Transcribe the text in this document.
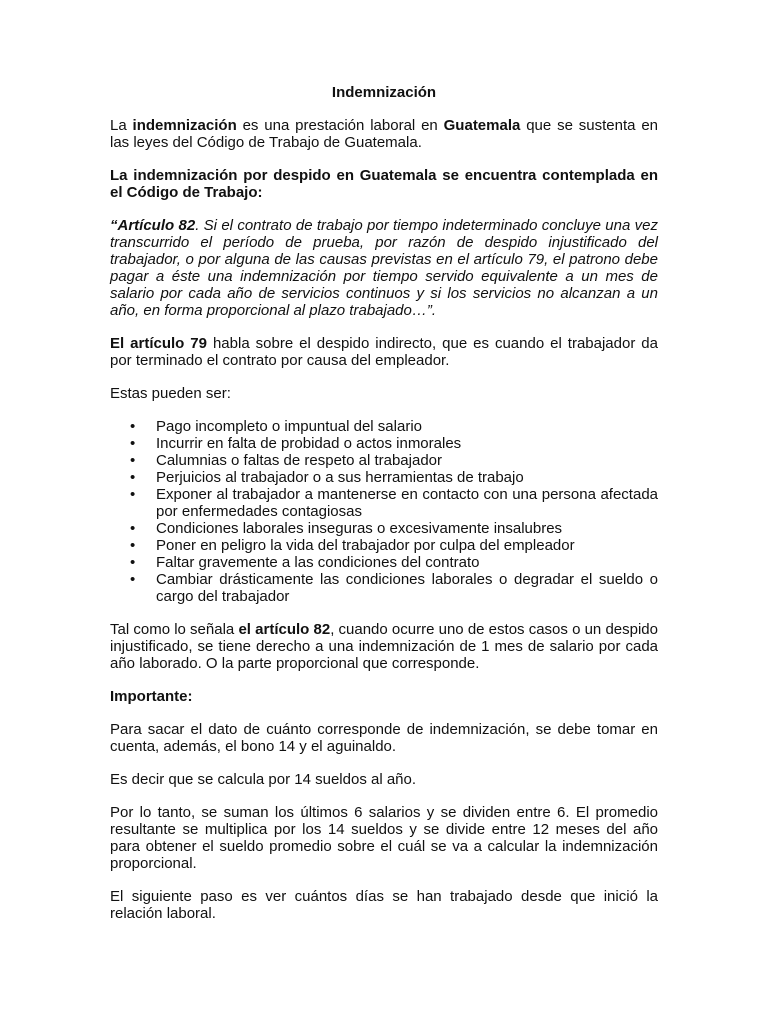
Indemnización

La indemnización es una prestación laboral en Guatemala que se sustenta en las leyes del Código de Trabajo de Guatemala.

La indemnización por despido en Guatemala se encuentra contemplada en el Código de Trabajo:

“Artículo 82. Si el contrato de trabajo por tiempo indeterminado concluye una vez transcurrido el período de prueba, por razón de despido injustificado del trabajador, o por alguna de las causas previstas en el artículo 79, el patrono debe pagar a éste una indemnización por tiempo servido equivalente a un mes de salario por cada año de servicios continuos y si los servicios no alcanzan a un año, en forma proporcional al plazo trabajado…”.

El artículo 79 habla sobre el despido indirecto, que es cuando el trabajador da por terminado el contrato por causa del empleador.

Estas pueden ser:

• Pago incompleto o impuntual del salario
• Incurrir en falta de probidad o actos inmorales
• Calumnias o faltas de respeto al trabajador
• Perjuicios al trabajador o a sus herramientas de trabajo
• Exponer al trabajador a mantenerse en contacto con una persona afectada por enfermedades contagiosas
• Condiciones laborales inseguras o excesivamente insalubres
• Poner en peligro la vida del trabajador por culpa del empleador
• Faltar gravemente a las condiciones del contrato
• Cambiar drásticamente las condiciones laborales o degradar el sueldo o cargo del trabajador

Tal como lo señala el artículo 82, cuando ocurre uno de estos casos o un despido injustificado, se tiene derecho a una indemnización de 1 mes de salario por cada año laborado. O la parte proporcional que corresponde.

Importante:

Para sacar el dato de cuánto corresponde de indemnización, se debe tomar en cuenta, además, el bono 14 y el aguinaldo.

Es decir que se calcula por 14 sueldos al año.

Por lo tanto, se suman los últimos 6 salarios y se dividen entre 6. El promedio resultante se multiplica por los 14 sueldos y se divide entre 12 meses del año para obtener el sueldo promedio sobre el cuál se va a calcular la indemnización proporcional.

El siguiente paso es ver cuántos días se han trabajado desde que inició la relación laboral.
